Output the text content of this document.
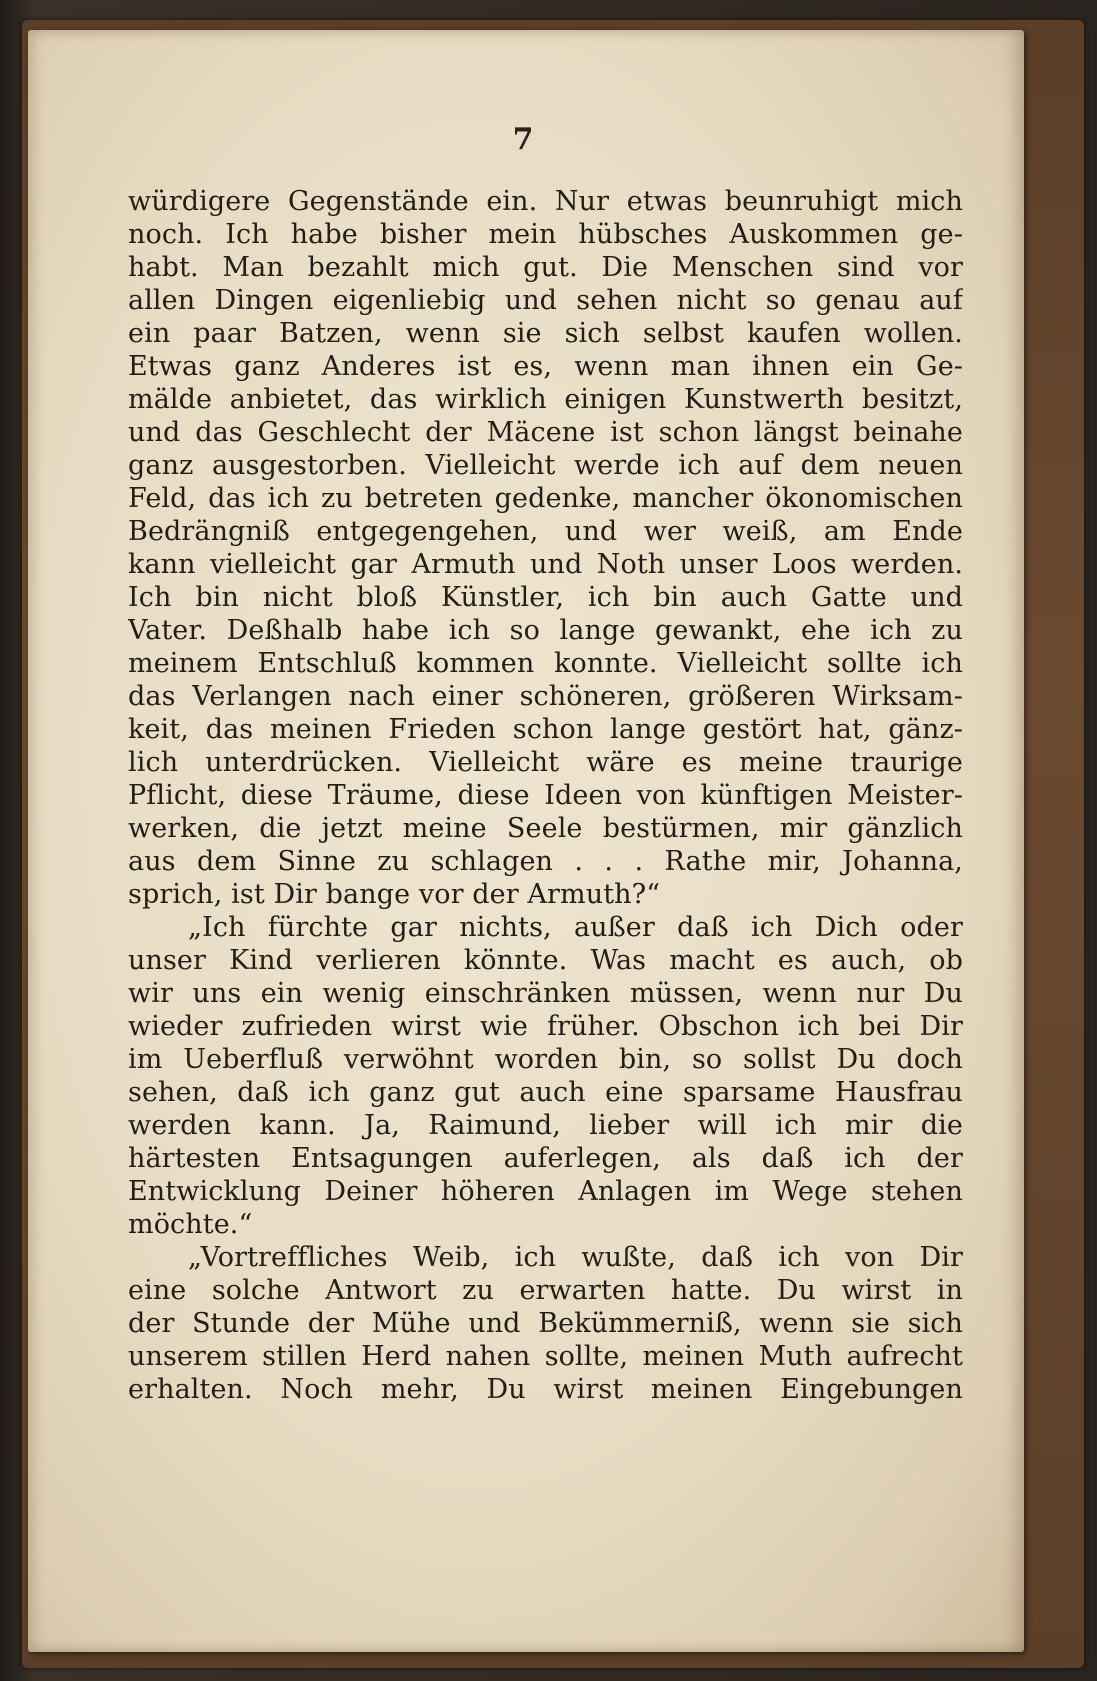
7
würdigere Gegenstände ein. Nur etwas beunruhigt mich
noch. Ich habe bisher mein hübsches Auskommen ge-
habt. Man bezahlt mich gut. Die Menschen sind vor
allen Dingen eigenliebig und sehen nicht so genau auf
ein paar Batzen, wenn sie sich selbst kaufen wollen.
Etwas ganz Anderes ist es, wenn man ihnen ein Ge-
mälde anbietet, das wirklich einigen Kunstwerth besitzt,
und das Geschlecht der Mäcene ist schon längst beinahe
ganz ausgestorben. Vielleicht werde ich auf dem neuen
Feld, das ich zu betreten gedenke, mancher ökonomischen
Bedrängniß entgegengehen, und wer weiß, am Ende
kann vielleicht gar Armuth und Noth unser Loos werden.
Ich bin nicht bloß Künstler, ich bin auch Gatte und
Vater. Deßhalb habe ich so lange gewankt, ehe ich zu
meinem Entschluß kommen konnte. Vielleicht sollte ich
das Verlangen nach einer schöneren, größeren Wirksam-
keit, das meinen Frieden schon lange gestört hat, gänz-
lich unterdrücken. Vielleicht wäre es meine traurige
Pflicht, diese Träume, diese Ideen von künftigen Meister-
werken, die jetzt meine Seele bestürmen, mir gänzlich
aus dem Sinne zu schlagen . . . Rathe mir, Johanna,
sprich, ist Dir bange vor der Armuth?“
„Ich fürchte gar nichts, außer daß ich Dich oder
unser Kind verlieren könnte. Was macht es auch, ob
wir uns ein wenig einschränken müssen, wenn nur Du
wieder zufrieden wirst wie früher. Obschon ich bei Dir
im Ueberfluß verwöhnt worden bin, so sollst Du doch
sehen, daß ich ganz gut auch eine sparsame Hausfrau
werden kann. Ja, Raimund, lieber will ich mir die
härtesten Entsagungen auferlegen, als daß ich der
Entwicklung Deiner höheren Anlagen im Wege stehen
möchte.“
„Vortreffliches Weib, ich wußte, daß ich von Dir
eine solche Antwort zu erwarten hatte. Du wirst in
der Stunde der Mühe und Bekümmerniß, wenn sie sich
unserem stillen Herd nahen sollte, meinen Muth aufrecht
erhalten. Noch mehr, Du wirst meinen Eingebungen
